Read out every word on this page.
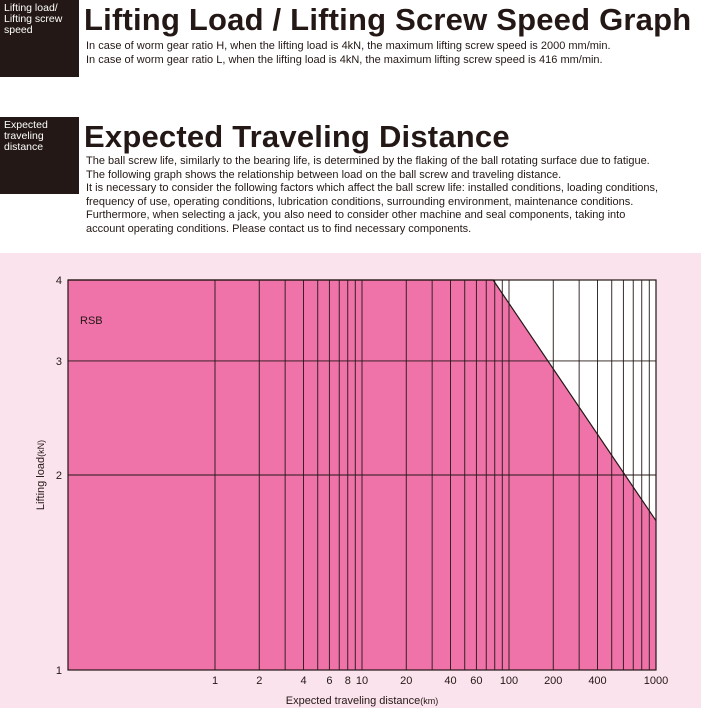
Lifting load/
Lifting screw
speed	Lifting Load / Lifting Screw Speed Graph
In case of worm gear ratio H, when the lifting load is 4kN, the maximum lifting screw speed is 2000 mm/min.
In case of worm gear ratio L, when the lifting load is 4kN, the maximum lifting screw speed is 416 mm/min.
Expected
traveling
distance	Expected Traveling Distance
The ball screw life, similarly to the bearing life, is determined by the flaking of the ball rotating surface due to fatigue.
The following graph shows the relationship between load on the ball screw and traveling distance.
It is necessary to consider the following factors which affect the ball screw life: installed conditions, loading conditions,
frequency of use, operating conditions, lubrication conditions, surrounding environment, maintenance conditions.
Furthermore, when selecting a jack, you also need to consider other machine and seal components, taking into
account operating conditions. Please contact us to find necessary components.
1	2	4 6 8 10	20	40 60 100 200 400	1000
1
2
3
4
RSB
Expected traveling distance(km)
Lifting load(kN)
